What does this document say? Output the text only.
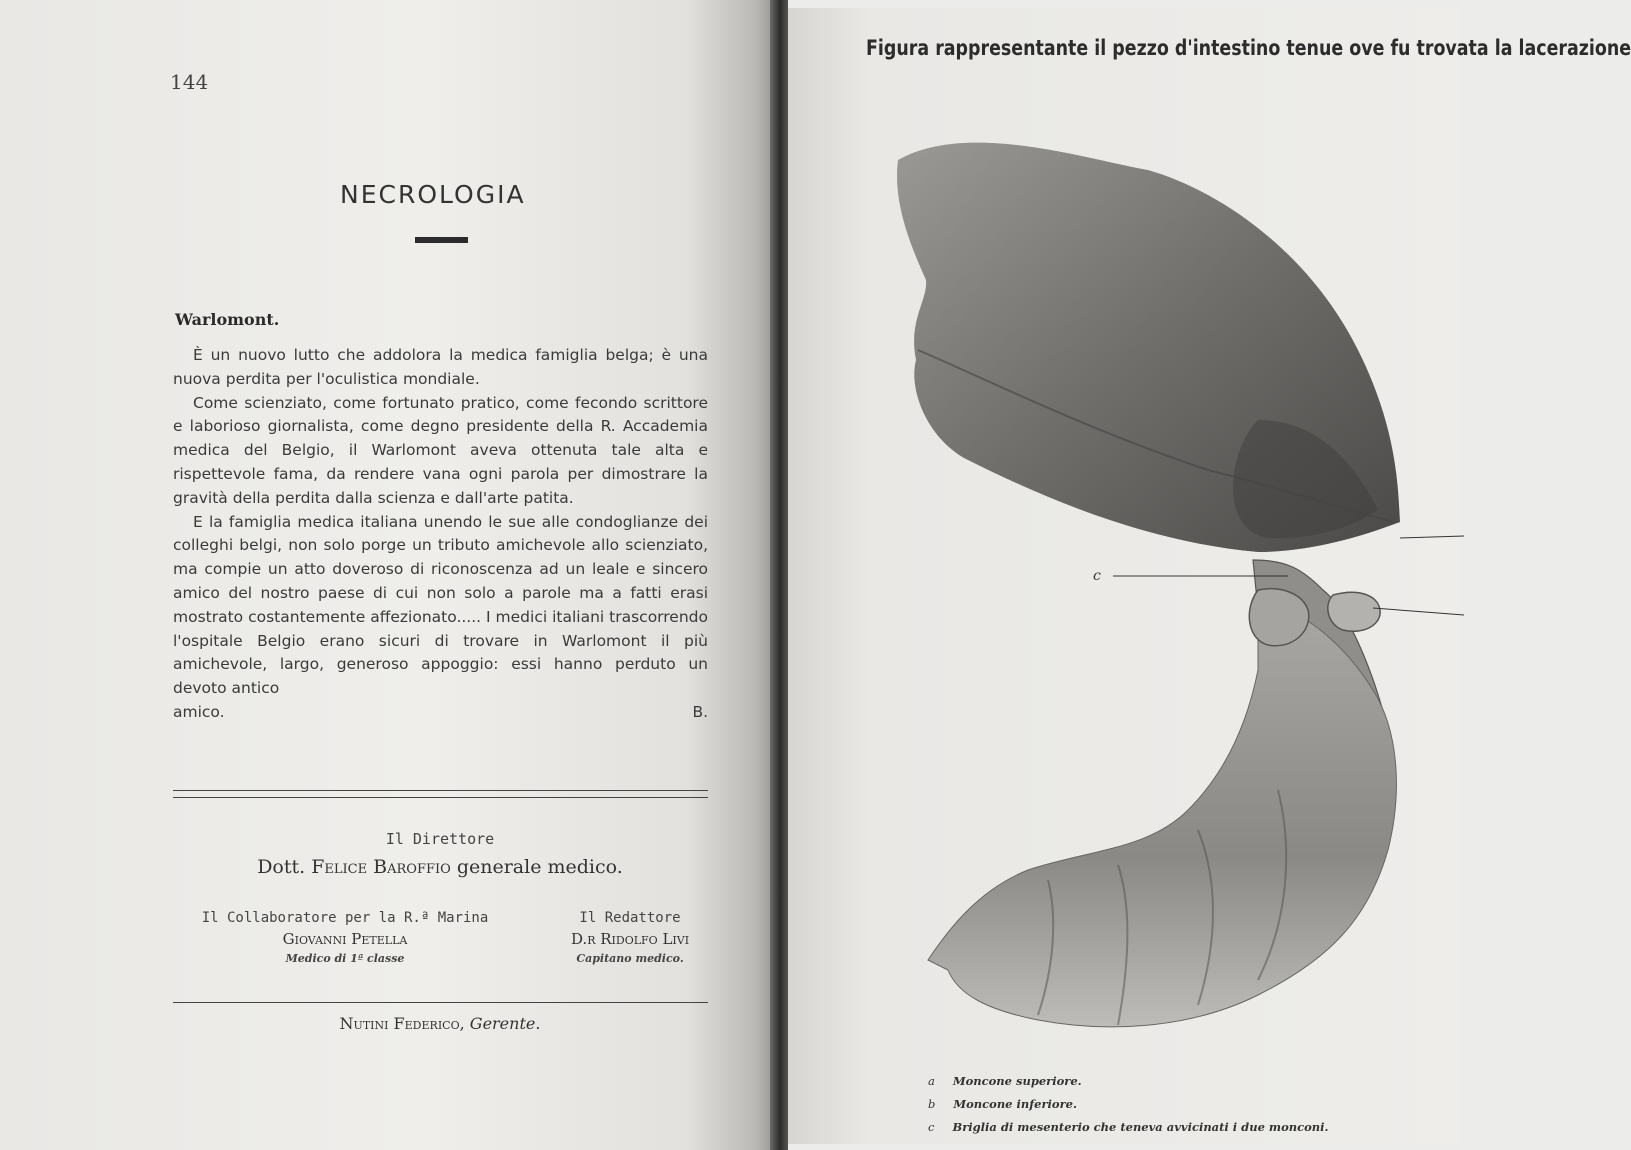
144
NECROLOGIA
Warlomont.

È un nuovo lutto che addolora la medica famiglia belga; è una nuova perdita per l'oculistica mondiale.

Come scienziato, come fortunato pratico, come fecondo scrittore e laborioso giornalista, come degno presidente della R. Accademia medica del Belgio, il Warlomont aveva ottenuta tale alta e rispettevole fama, da rendere vana ogni parola per dimostrare la gravità della perdita dalla scienza e dall'arte patita.

E la famiglia medica italiana unendo le sue alle condoglianze dei colleghi belgi, non solo porge un tributo amichevole allo scienziato, ma compie un atto doveroso di riconoscenza ad un leale e sincero amico del nostro paese di cui non solo a parole ma a fatti erasi mostrato costantemente affezionato..... I medici italiani trascorrendo l'ospitale Belgio erano sicuri di trovare in Warlomont il più amichevole, largo, generoso appoggio: essi hanno perduto un devoto antico

amico.	B.
Il Direttore
Dott. Felice Baroffio generale medico.
Il Collaboratore per la R.ª Marina
Giovanni Petella
Medico di 1ª classe
Il Redattore
D.r Ridolfo Livi
Capitano medico.
Nutini Federico, Gerente.
Figura rappresentante il pezzo d'intestino tenue ove fu trovata la lacerazione
c
a Moncone superiore.
b Moncone inferiore.
c Briglia di mesenterio che teneva avvicinati i due monconi.
